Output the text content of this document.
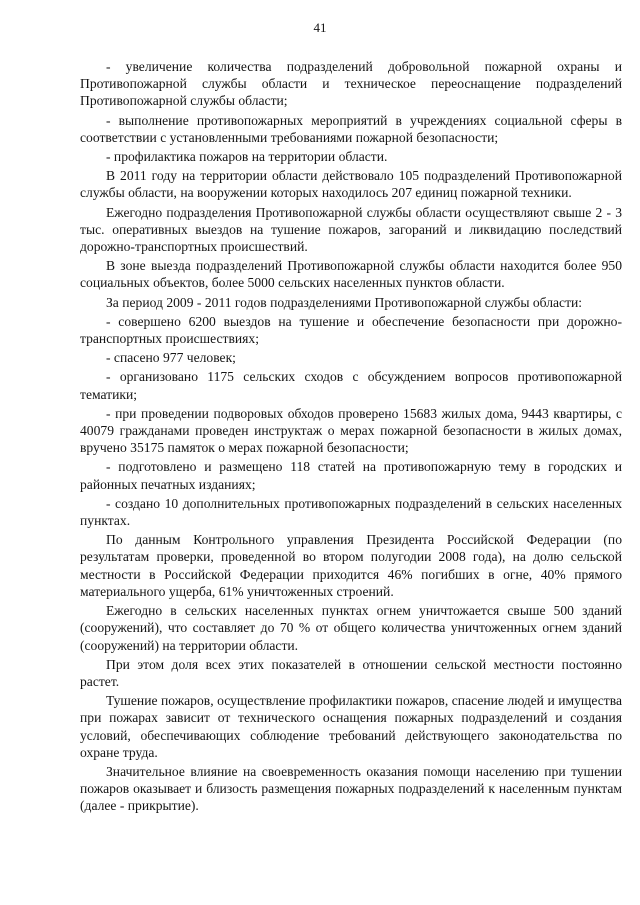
41

- увеличение количества подразделений добровольной пожарной охраны и Противопожарной службы области и техническое переоснащение подразделений Противопожарной службы области;

- выполнение противопожарных мероприятий в учреждениях социальной сферы в соответствии с установленными требованиями пожарной безопасности;

- профилактика пожаров на территории области.

В 2011 году на территории области действовало 105 подразделений Противопожарной службы области, на вооружении которых находилось 207 единиц пожарной техники.

Ежегодно подразделения Противопожарной службы области осуществляют свыше 2 - 3 тыс. оперативных выездов на тушение пожаров, загораний и ликвидацию последствий дорожно-транспортных происшествий.

В зоне выезда подразделений Противопожарной службы области находится более 950 социальных объектов, более 5000 сельских населенных пунктов области.

За период 2009 - 2011 годов подразделениями Противопожарной службы области:

- совершено 6200 выездов на тушение и обеспечение безопасности при дорожно-транспортных происшествиях;

- спасено 977 человек;

- организовано 1175 сельских сходов с обсуждением вопросов противопожарной тематики;

- при проведении подворовых обходов проверено 15683 жилых дома, 9443 квартиры, с 40079 гражданами проведен инструктаж о мерах пожарной безопасности в жилых домах, вручено 35175 памяток о мерах пожарной безопасности;

- подготовлено и размещено 118 статей на противопожарную тему в городских и районных печатных изданиях;

- создано 10 дополнительных противопожарных подразделений в сельских населенных пунктах.

По данным Контрольного управления Президента Российской Федерации (по результатам проверки, проведенной во втором полугодии 2008 года), на долю сельской местности в Российской Федерации приходится 46% погибших в огне, 40% прямого материального ущерба, 61% уничтоженных строений.

Ежегодно в сельских населенных пунктах огнем уничтожается свыше 500 зданий (сооружений), что составляет до 70 % от общего количества уничтоженных огнем зданий (сооружений) на территории области.

При этом доля всех этих показателей в отношении сельской местности постоянно растет.

Тушение пожаров, осуществление профилактики пожаров, спасение людей и имущества при пожарах зависит от технического оснащения пожарных подразделений и создания условий, обеспечивающих соблюдение требований действующего законодательства по охране труда.

Значительное влияние на своевременность оказания помощи населению при тушении пожаров оказывает и близость размещения пожарных подразделений к населенным пунктам (далее - прикрытие).
